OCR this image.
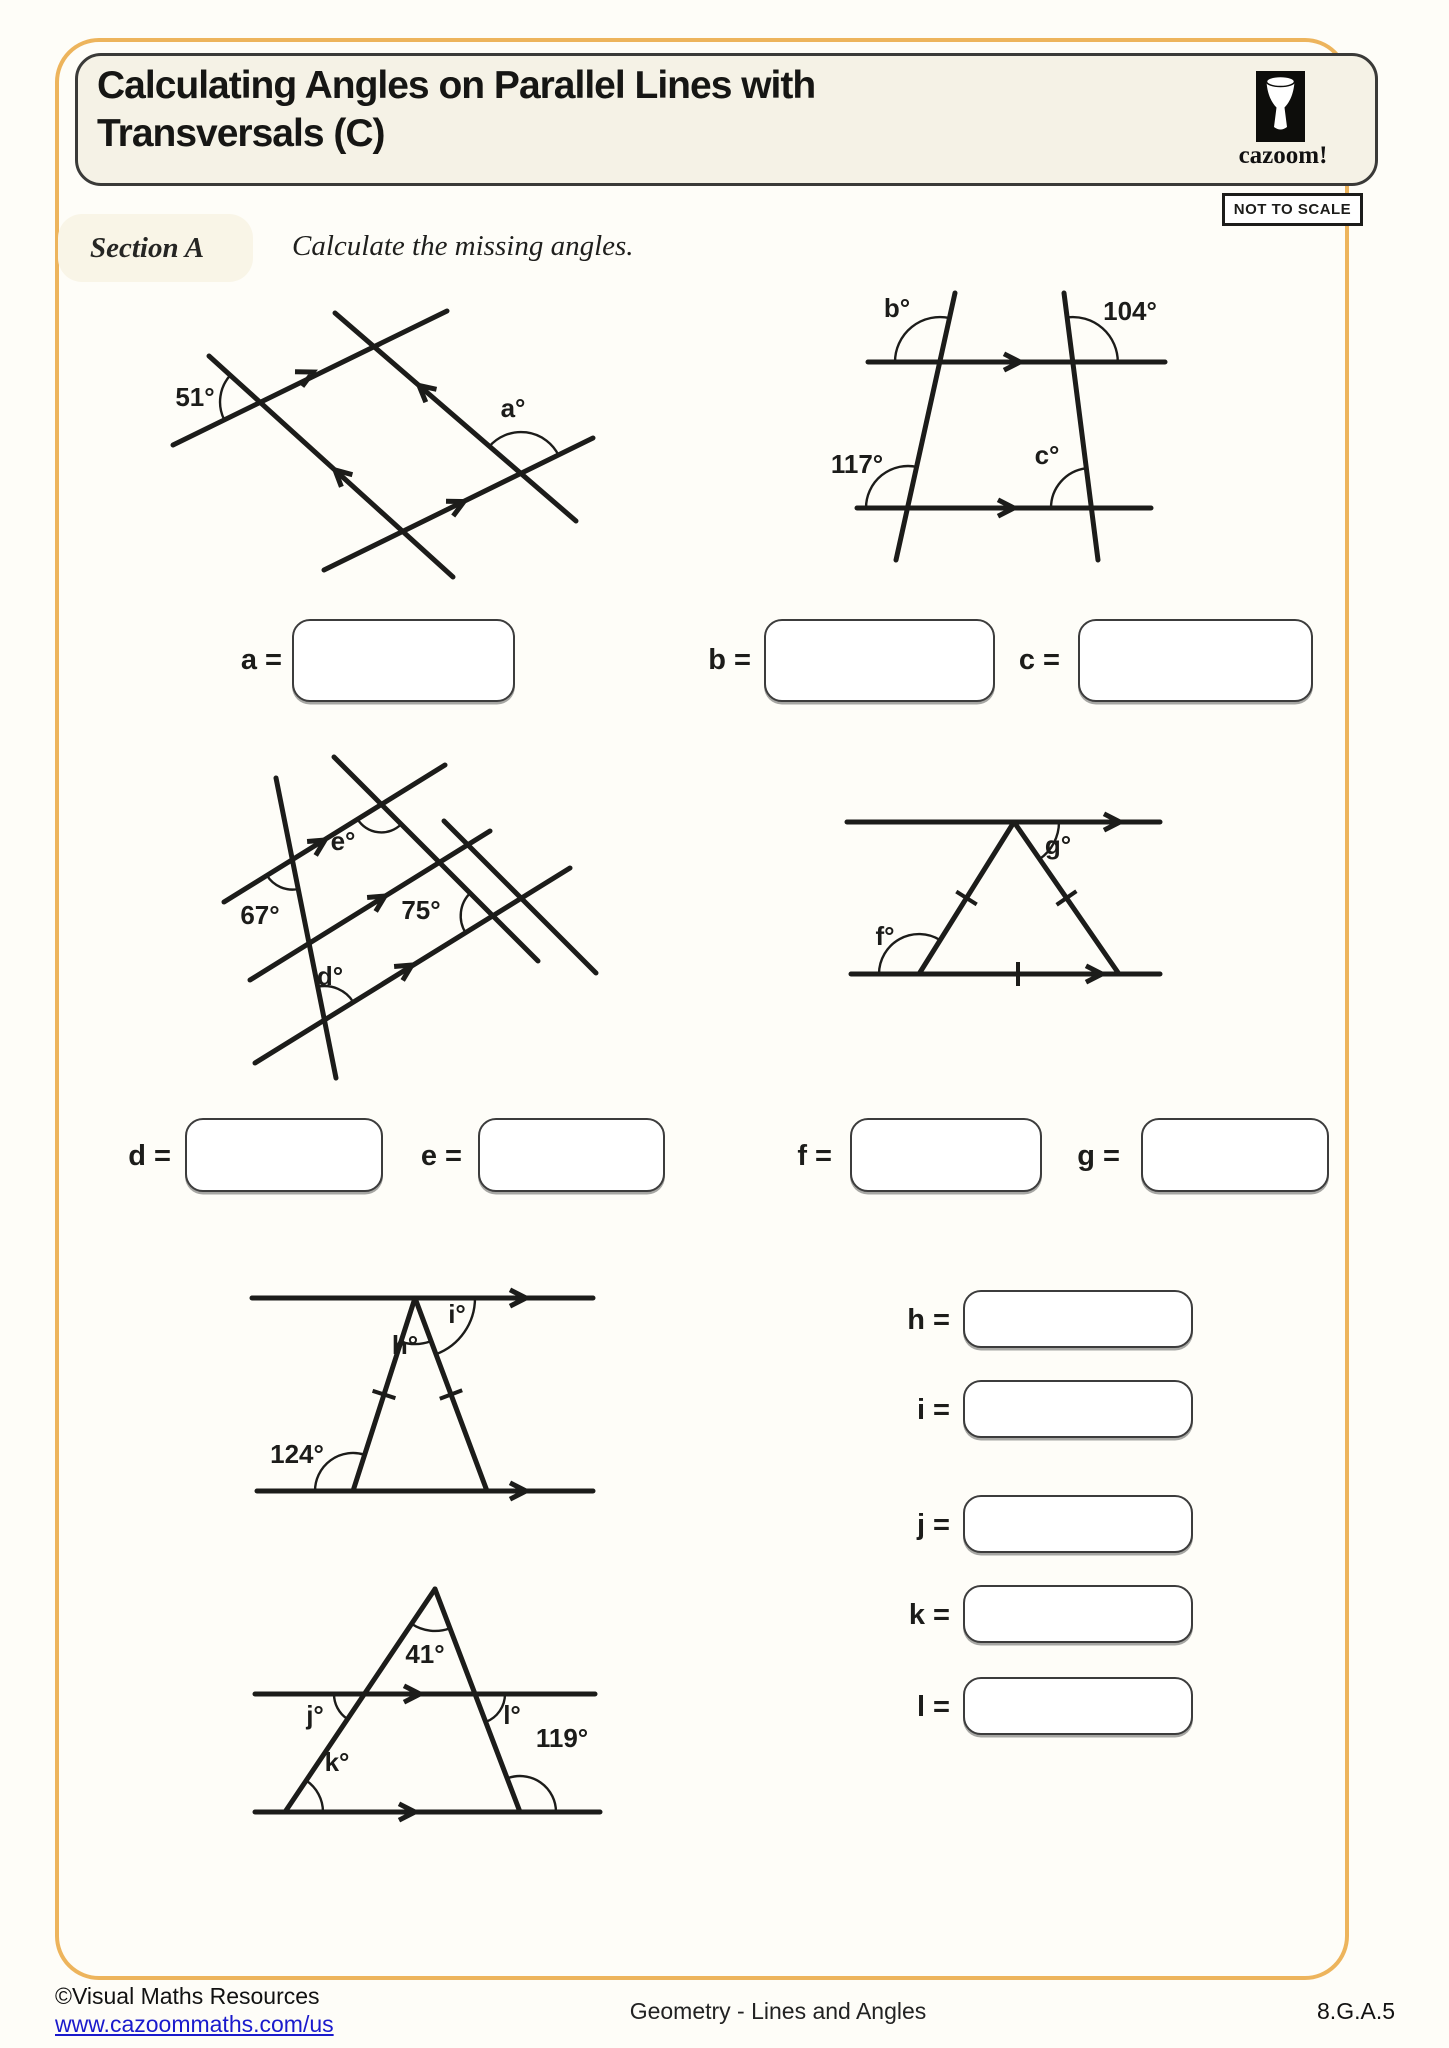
Calculating Angles on Parallel Lines with
Transversals (C)
cazoom!
NOT TO SCALE
Section A	Calculate the missing angles.
51°	a°
b°	104°
117°	c°
a =	b =	c =
67°
e°
75°
d°
f°
g°
d =	e =	f =	g =
h°
i°
124°
41°
j°	l°
k°
119°
h =
i =
j =
k =
l =
©Visual Maths Resources
www.cazoommaths.com/us	Geometry - Lines and Angles	8.G.A.5
